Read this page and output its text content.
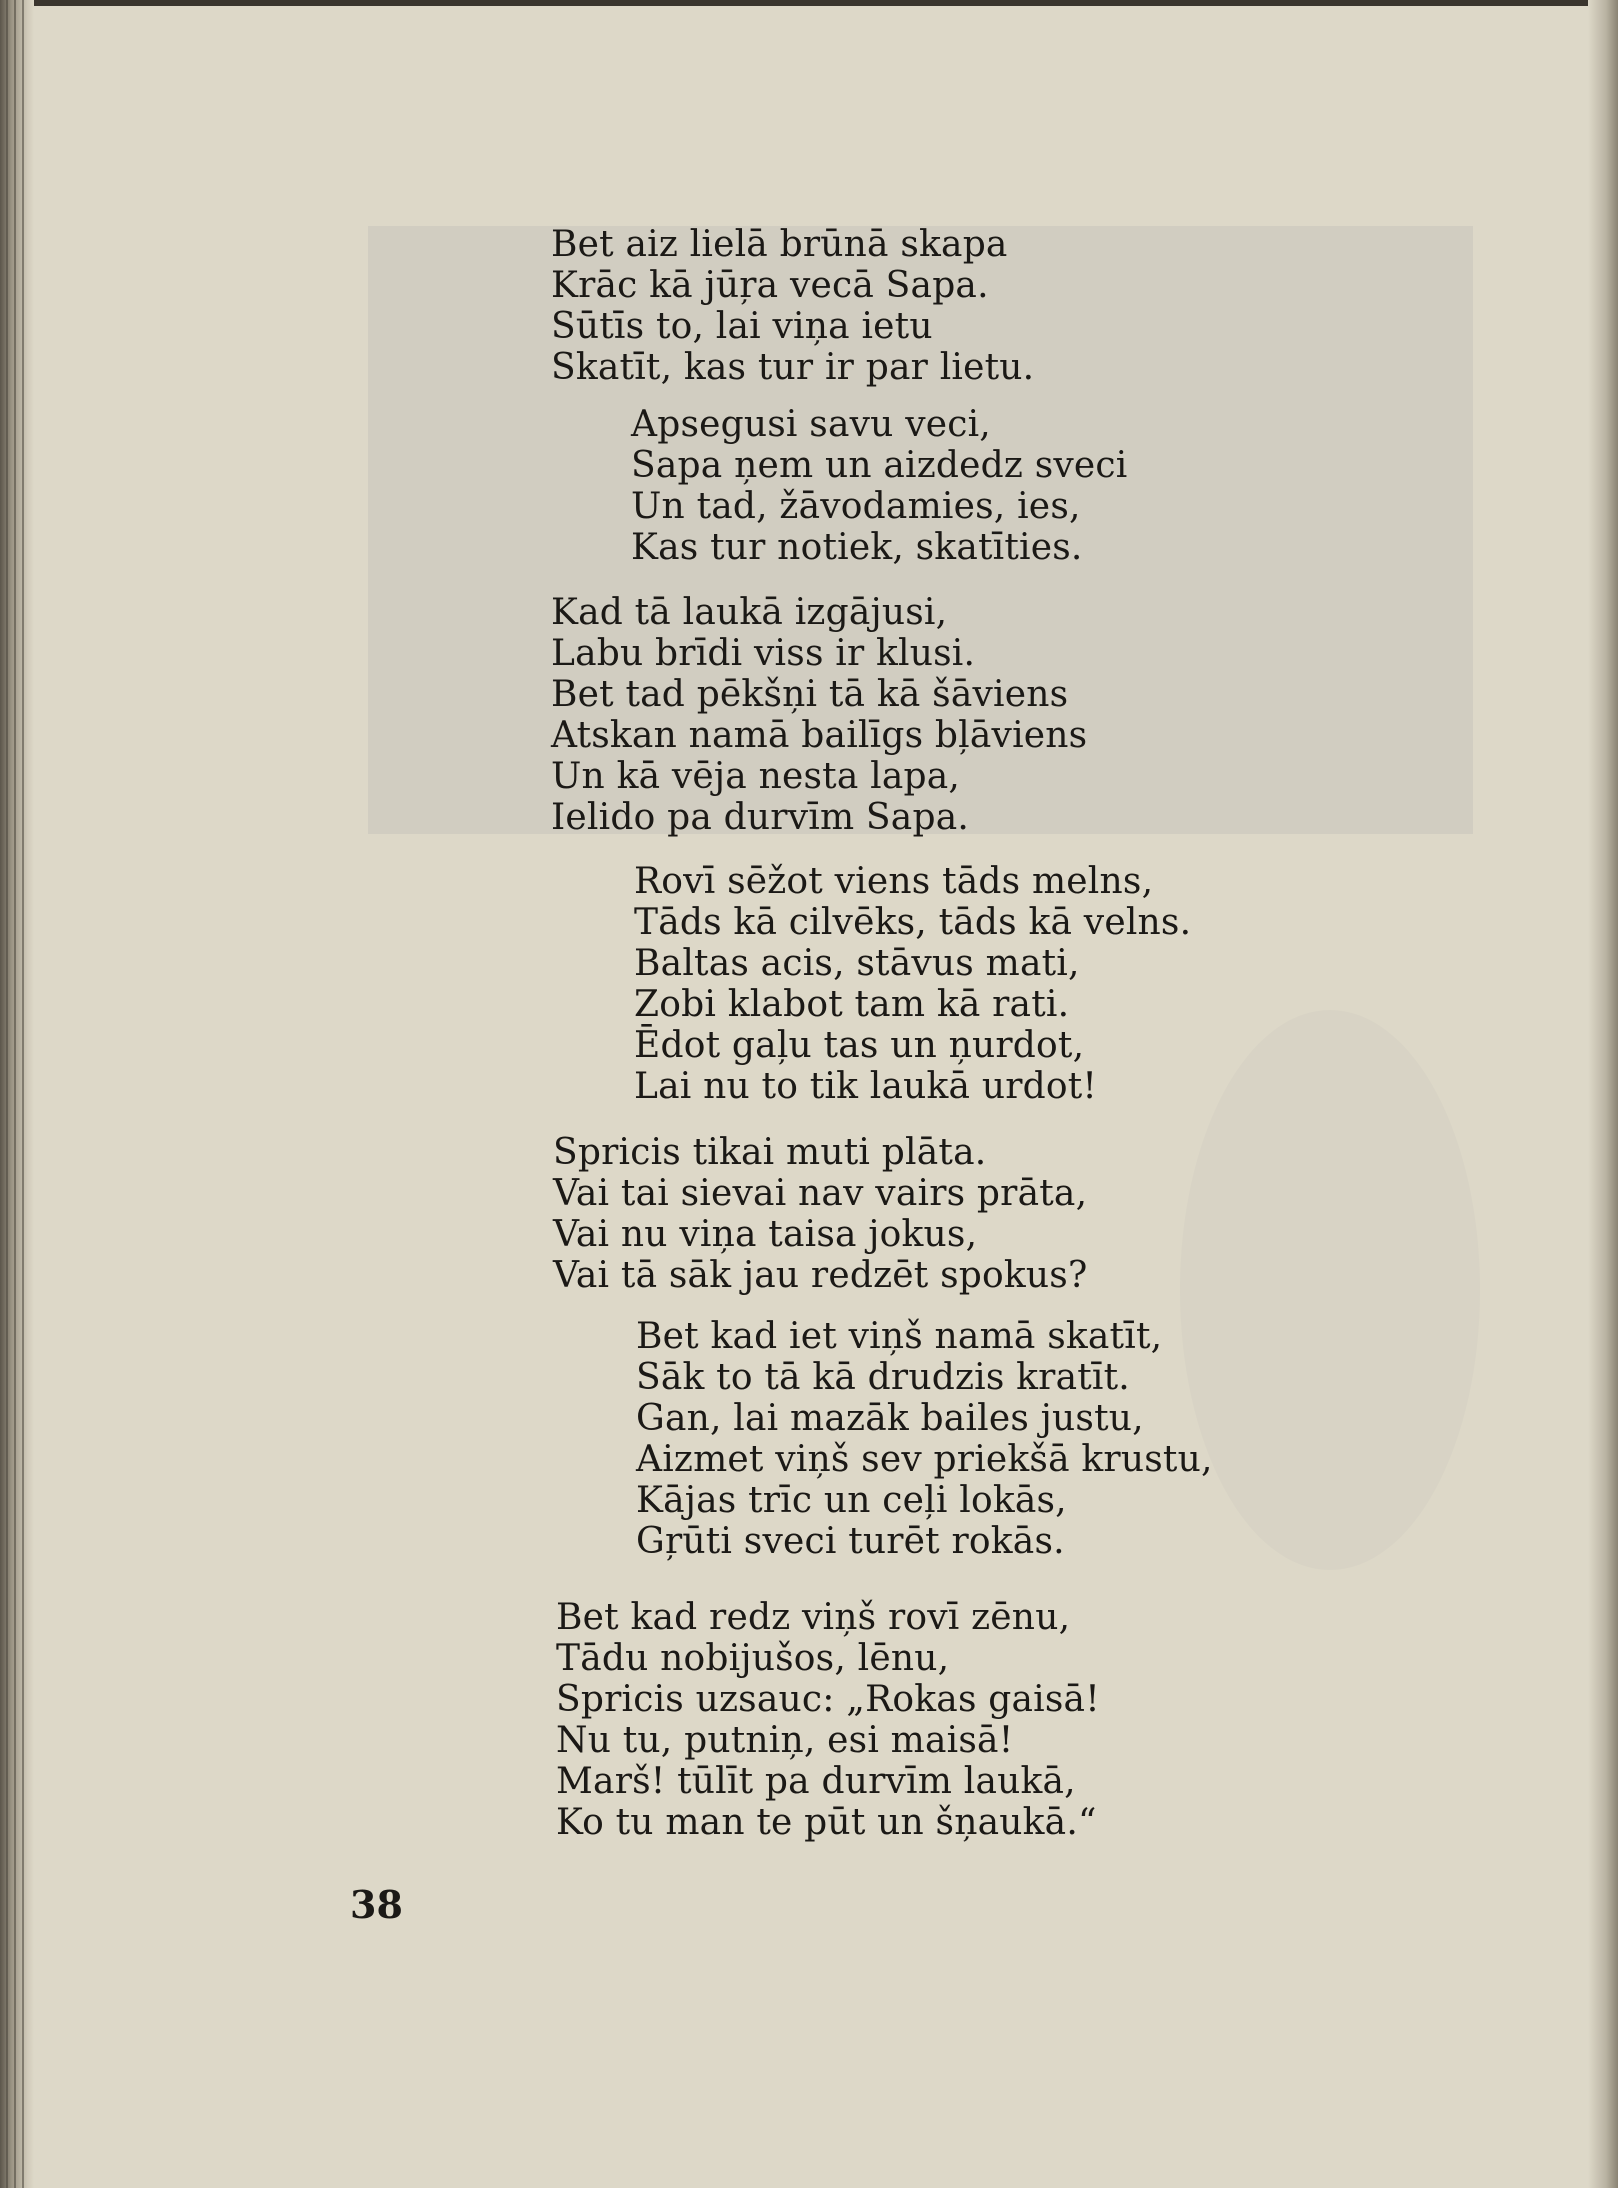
Bet aiz lielā brūnā skapa
Krāc kā jūŗa vecā Sapa.
Sūtīs to, lai viņa ietu
Skatīt, kas tur ir par lietu.
Apsegusi savu veci,
Sapa ņem un aizdedz sveci
Un tad, žāvodamies, ies,
Kas tur notiek, skatīties.
Kad tā laukā izgājusi,
Labu brīdi viss ir klusi.
Bet tad pēkšņi tā kā šāviens
Atskan namā bailīgs bļāviens
Un kā vēja nesta lapa,
Ielido pa durvīm Sapa.
Rovī sēžot viens tāds melns,
Tāds kā cilvēks, tāds kā velns.
Baltas acis, stāvus mati,
Zobi klabot tam kā rati.
Ēdot gaļu tas un ņurdot,
Lai nu to tik laukā urdot!
Spricis tikai muti plāta.
Vai tai sievai nav vairs prāta,
Vai nu viņa taisa jokus,
Vai tā sāk jau redzēt spokus?
Bet kad iet viņš namā skatīt,
Sāk to tā kā drudzis kratīt.
Gan, lai mazāk bailes justu,
Aizmet viņš sev priekšā krustu,
Kājas trīc un ceļi lokās,
Gŗūti sveci turēt rokās.
Bet kad redz viņš rovī zēnu,
Tādu nobijušos, lēnu,
Spricis uzsauc: „Rokas gaisā!
Nu tu, putniņ, esi maisā!
Marš! tūlīt pa durvīm laukā,
Ko tu man te pūt un šņaukā.“
38
